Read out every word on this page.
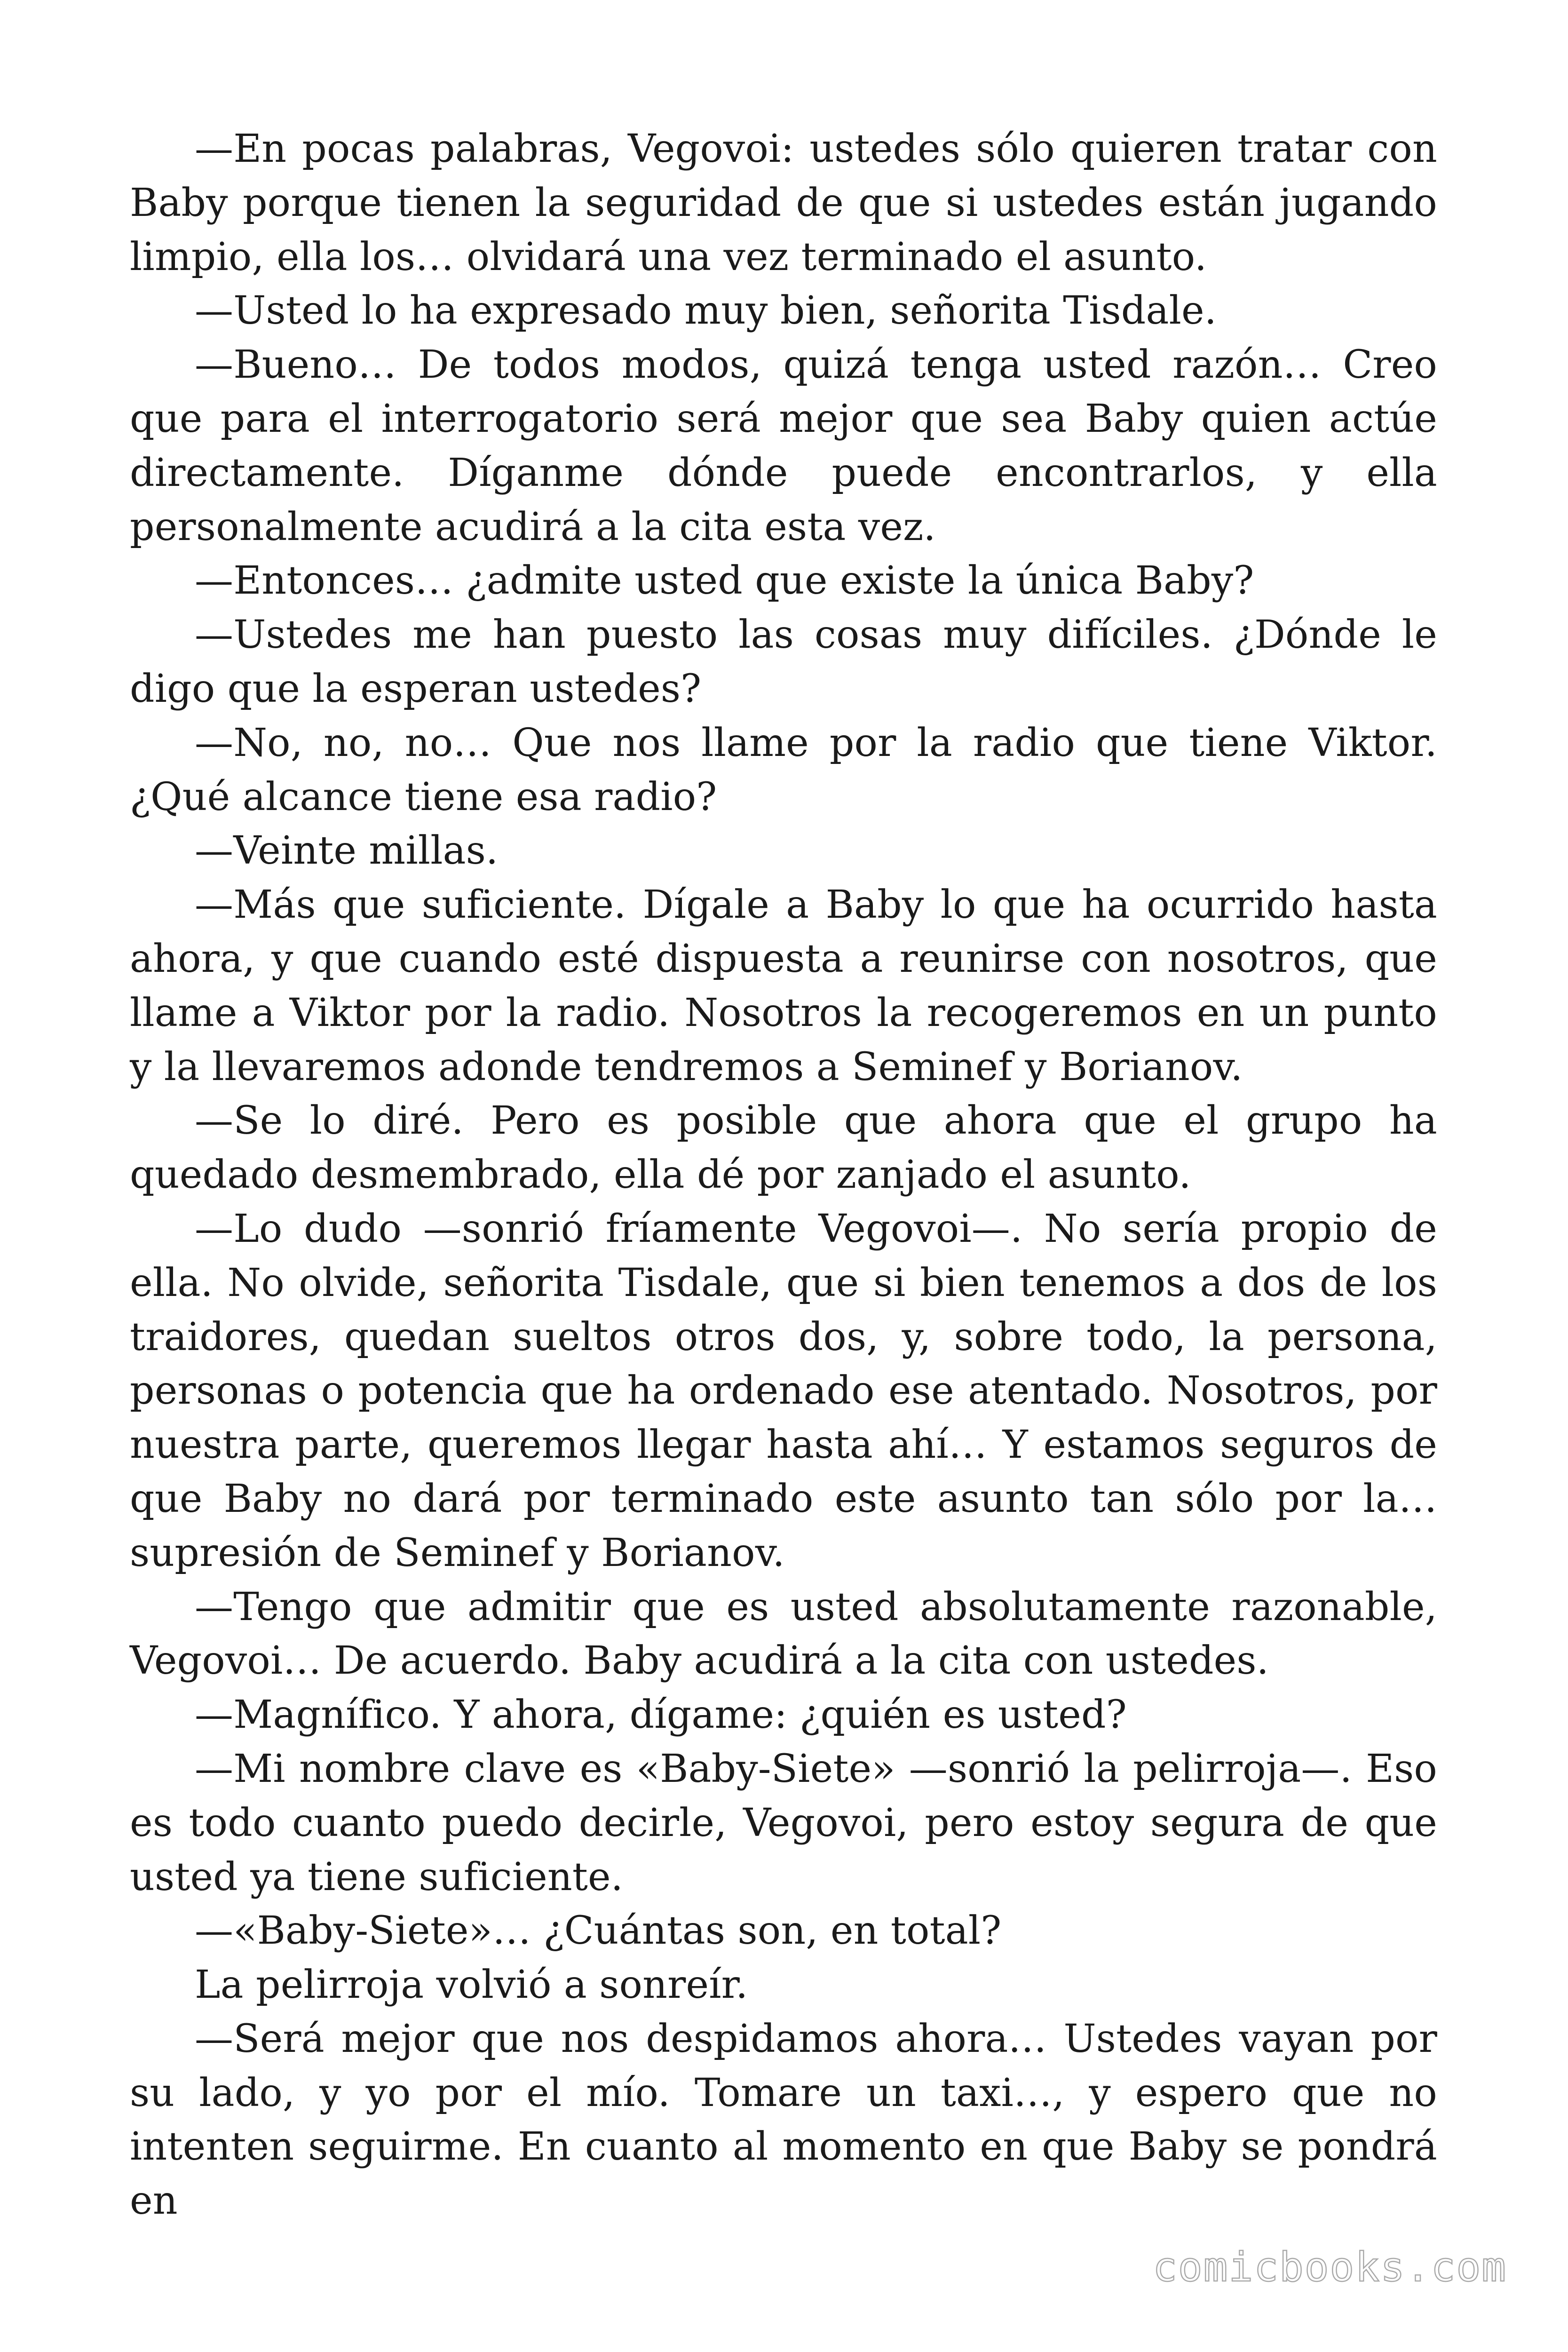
—En pocas palabras, Vegovoi: ustedes sólo quieren tratar con Baby porque tienen la seguridad de que si ustedes están jugando limpio, ella los… olvidará una vez terminado el asunto.

—Usted lo ha expresado muy bien, señorita Tisdale.

—Bueno… De todos modos, quizá tenga usted razón… Creo que para el interrogatorio será mejor que sea Baby quien actúe directamente. Díganme dónde puede encontrarlos, y ella personalmente acudirá a la cita esta vez.

—Entonces… ¿admite usted que existe la única Baby?

—Ustedes me han puesto las cosas muy difíciles. ¿Dónde le digo que la esperan ustedes?

—No, no, no… Que nos llame por la radio que tiene Viktor. ¿Qué alcance tiene esa radio?

—Veinte millas.

—Más que suficiente. Dígale a Baby lo que ha ocurrido hasta ahora, y que cuando esté dispuesta a reunirse con nosotros, que llame a Viktor por la radio. Nosotros la recogeremos en un punto y la llevaremos adonde tendremos a Seminef y Borianov.

—Se lo diré. Pero es posible que ahora que el grupo ha quedado desmembrado, ella dé por zanjado el asunto.

—Lo dudo —sonrió fríamente Vegovoi—. No sería propio de ella. No olvide, señorita Tisdale, que si bien tenemos a dos de los traidores, quedan sueltos otros dos, y, sobre todo, la persona, personas o potencia que ha ordenado ese atentado. Nosotros, por nuestra parte, queremos llegar hasta ahí… Y estamos seguros de que Baby no dará por terminado este asunto tan sólo por la… supresión de Seminef y Borianov.

—Tengo que admitir que es usted absolutamente razonable, Vegovoi… De acuerdo. Baby acudirá a la cita con ustedes.

—Magnífico. Y ahora, dígame: ¿quién es usted?

—Mi nombre clave es «Baby-Siete» —sonrió la pelirroja—. Eso es todo cuanto puedo decirle, Vegovoi, pero estoy segura de que usted ya tiene suficiente.

—«Baby-Siete»… ¿Cuántas son, en total?

La pelirroja volvió a sonreír.

—Será mejor que nos despidamos ahora… Ustedes vayan por su lado, y yo por el mío. Tomare un taxi…, y espero que no intenten seguirme. En cuanto al momento en que Baby se pondrá en

comicbooks.com
